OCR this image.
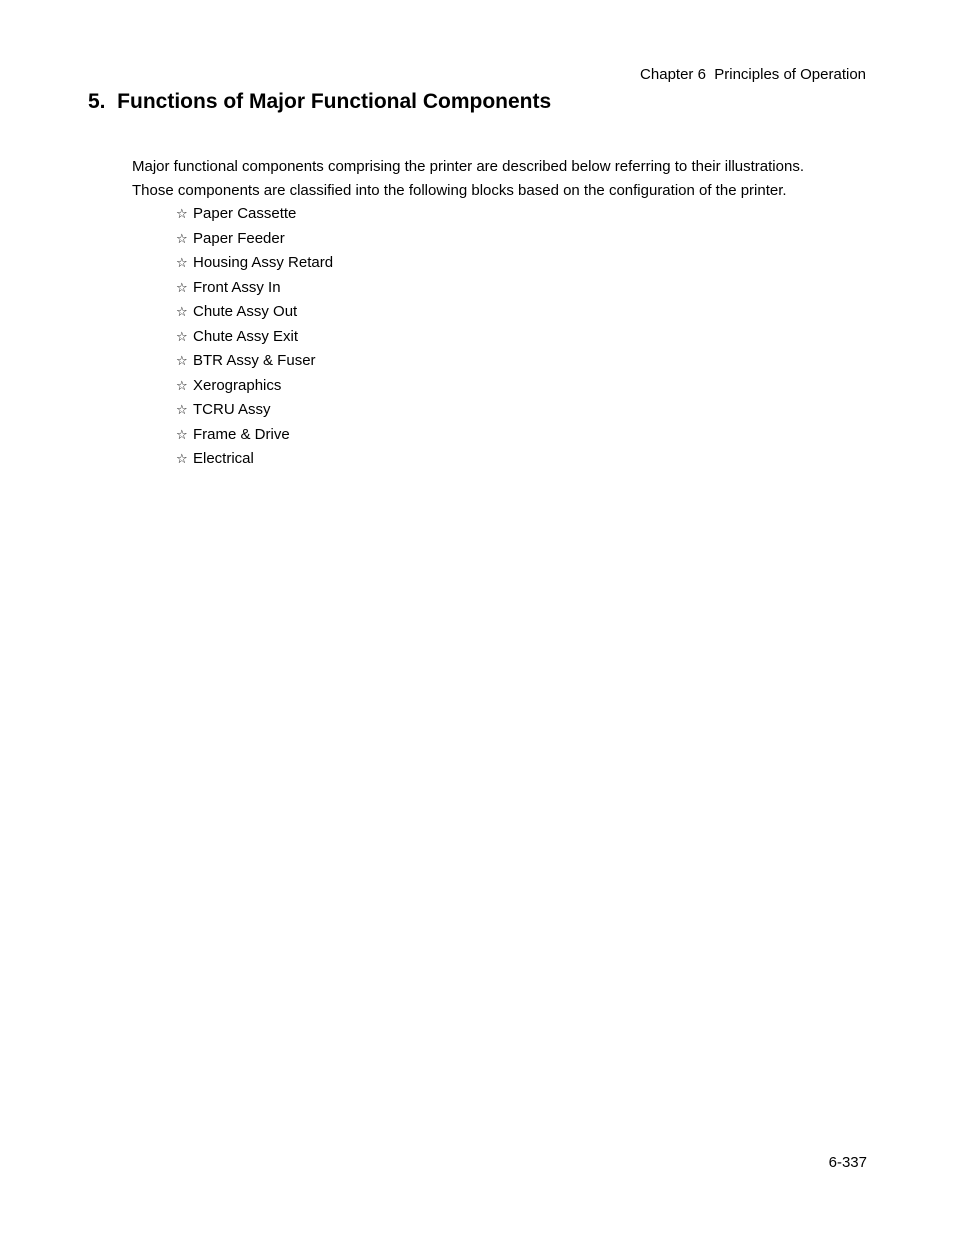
Chapter 6  Principles of Operation
5.  Functions of Major Functional Components

Major functional components comprising the printer are described below referring to their illustrations.

Those components are classified into the following blocks based on the configuration of the printer.

☆ Paper Cassette
☆ Paper Feeder
☆ Housing Assy Retard
☆ Front Assy In
☆ Chute Assy Out
☆ Chute Assy Exit
☆ BTR Assy & Fuser
☆ Xerographics
☆ TCRU Assy
☆ Frame & Drive
☆ Electrical
6-337
